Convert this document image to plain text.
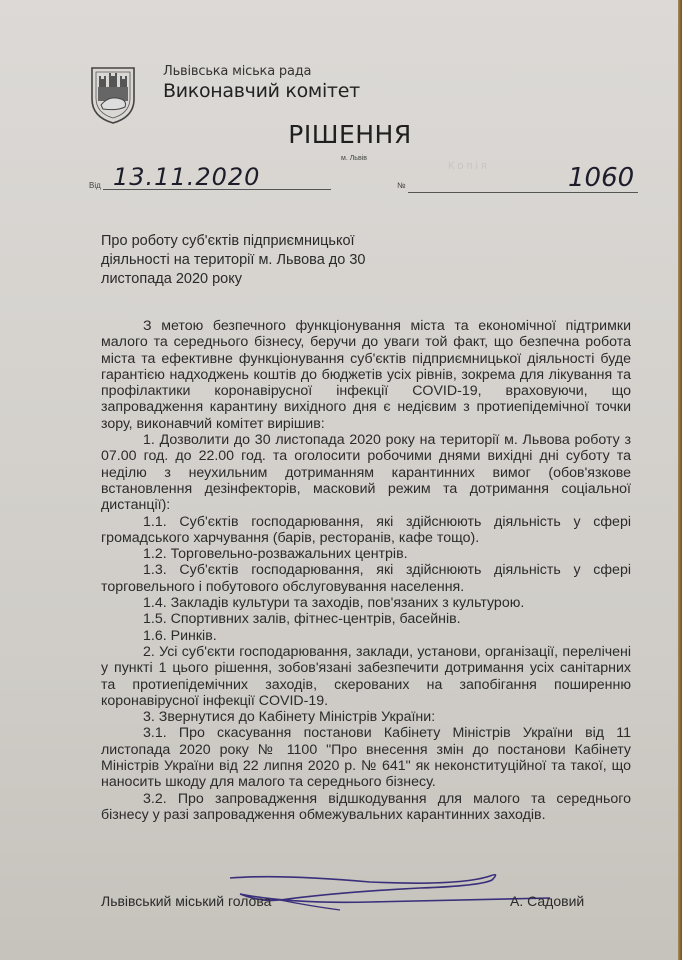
Львівська міська рада
Виконавчий комітет
РІШЕННЯ
м. Львів
Копія
Від 13.11.2020	№	1060
Про роботу суб'єктів підприємницької діяльності на території м. Львова до 30 листопада 2020 року

З метою безпечного функціонування міста та економічної підтримки малого та середнього бізнесу, беручи до уваги той факт, що безпечна робота міста та ефективне функціонування суб'єктів підприємницької діяльності буде гарантією надходжень коштів до бюджетів усіх рівнів, зокрема для лікування та профілактики коронавірусної інфекції COVID-19, враховуючи, що запровадження карантину вихідного дня є недієвим з протиепідемічної точки зору, виконавчий комітет вирішив:

1. Дозволити до 30 листопада 2020 року на території м. Львова роботу з 07.00 год. до 22.00 год. та оголосити робочими днями вихідні дні суботу та неділю з неухильним дотриманням карантинних вимог (обов'язкове встановлення дезінфекторів, масковий режим та дотримання соціальної дистанції):

1.1. Суб'єктів господарювання, які здійснюють діяльність у сфері громадського харчування (барів, ресторанів, кафе тощо).

1.2. Торговельно-розважальних центрів.

1.3. Суб'єктів господарювання, які здійснюють діяльність у сфері торговельного і побутового обслуговування населення.

1.4. Закладів культури та заходів, пов'язаних з культурою.

1.5. Спортивних залів, фітнес-центрів, басейнів.

1.6. Ринків.

2. Усі суб'єкти господарювання, заклади, установи, організації, перелічені у пункті 1 цього рішення, зобов'язані забезпечити дотримання усіх санітарних та протиепідемічних заходів, скерованих на запобігання поширенню коронавірусної інфекції COVID-19.

3. Звернутися до Кабінету Міністрів України:

3.1. Про скасування постанови Кабінету Міністрів України від 11 листопада 2020 року № 1100 "Про внесення змін до постанови Кабінету Міністрів України від 22 липня 2020 р. № 641" як неконституційної та такої, що наносить шкоду для малого та середнього бізнесу.

3.2. Про запровадження відшкодування для малого та середнього бізнесу у разі запровадження обмежувальних карантинних заходів.

Львівський міський голова	А. Садовий
